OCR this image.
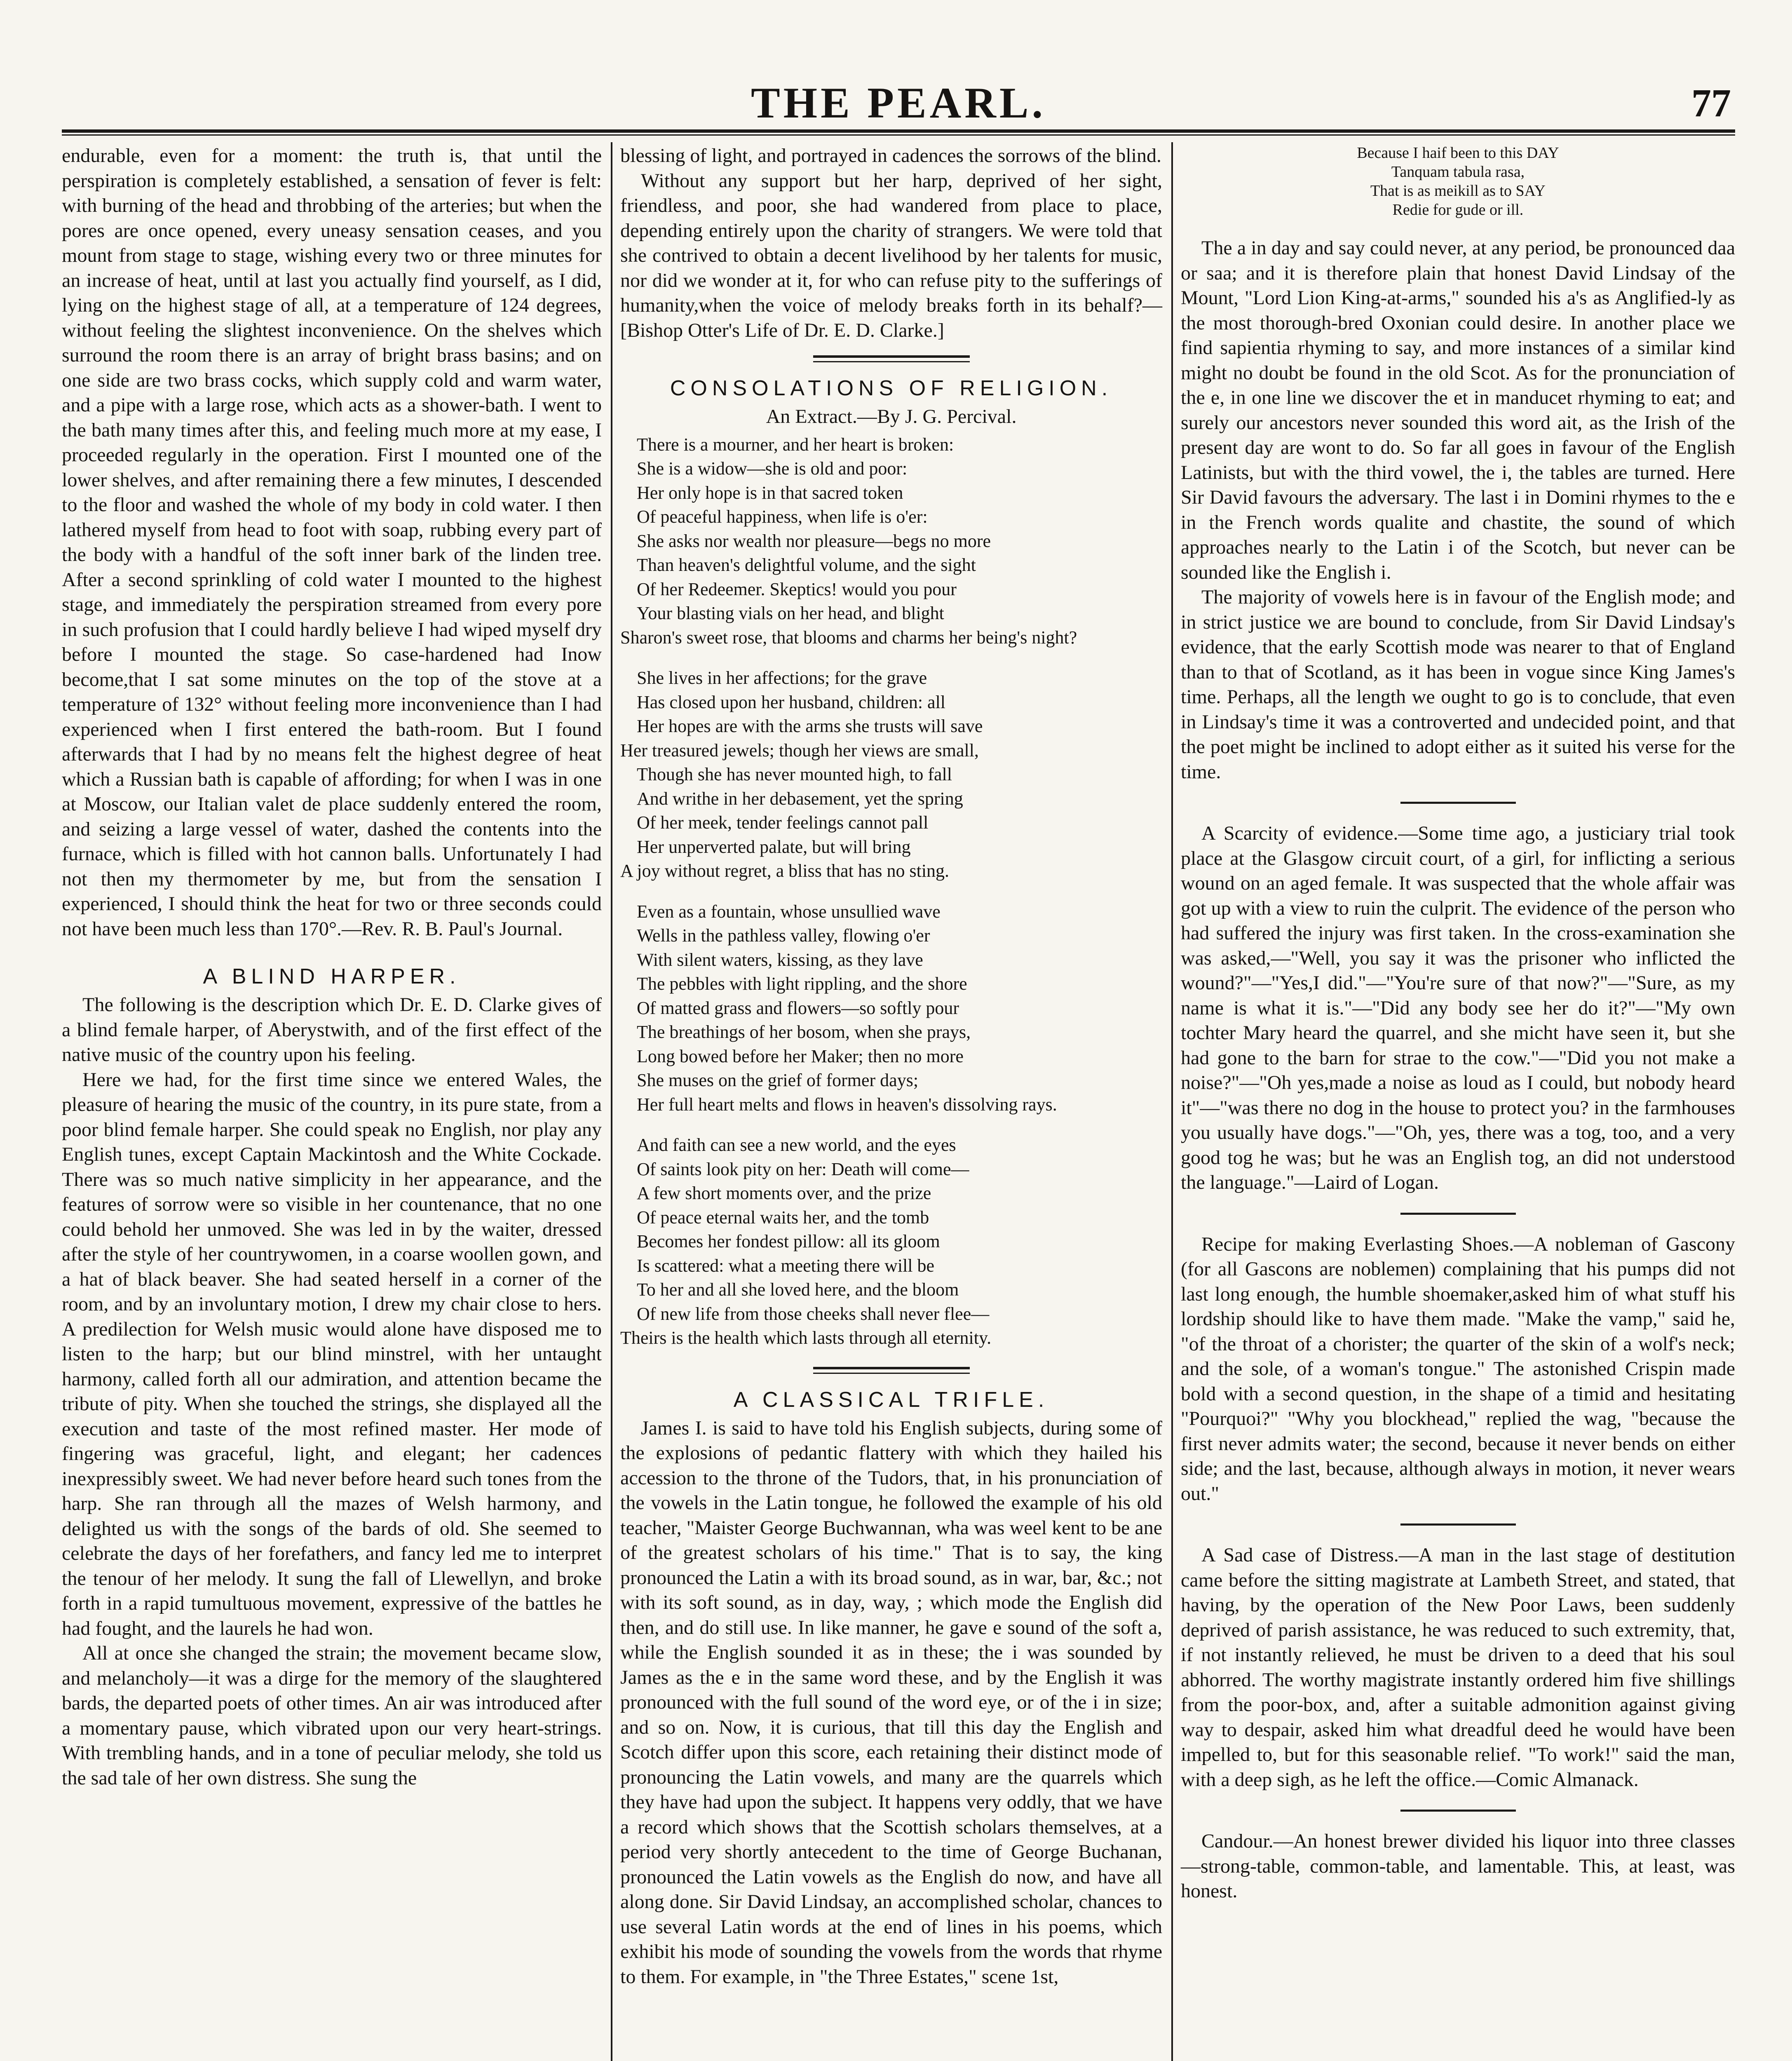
THE PEARL.	77

endurable, even for a moment: the truth is, that until the perspiration is completely established, a sensation of fever is felt: with burning of the head and throbbing of the arteries; but when the pores are once opened, every uneasy sensation ceases, and you mount from stage to stage, wishing every two or three minutes for an increase of heat, until at last you actually find yourself, as I did, lying on the highest stage of all, at a temperature of 124 degrees, without feeling the slightest inconvenience. On the shelves which surround the room there is an array of bright brass basins; and on one side are two brass cocks, which supply cold and warm water, and a pipe with a large rose, which acts as a shower-bath. I went to the bath many times after this, and feeling much more at my ease, I proceeded regularly in the operation. First I mounted one of the lower shelves, and after remaining there a few minutes, I descended to the floor and washed the whole of my body in cold water. I then lathered myself from head to foot with soap, rubbing every part of the body with a handful of the soft inner bark of the linden tree. After a second sprinkling of cold water I mounted to the highest stage, and immediately the perspiration streamed from every pore in such profusion that I could hardly believe I had wiped myself dry before I mounted the stage. So case-hardened had Inow become,that I sat some minutes on the top of the stove at a temperature of 132° without feeling more inconvenience than I had experienced when I first entered the bath-room. But I found afterwards that I had by no means felt the highest degree of heat which a Russian bath is capable of affording; for when I was in one at Moscow, our Italian valet de place suddenly entered the room, and seizing a large vessel of water, dashed the contents into the furnace, which is filled with hot cannon balls. Unfortunately I had not then my thermometer by me, but from the sensation I experienced, I should think the heat for two or three seconds could not have been much less than 170°.—Rev. R. B. Paul's Journal.

A BLIND HARPER.

The following is the description which Dr. E. D. Clarke gives of a blind female harper, of Aberystwith, and of the first effect of the native music of the country upon his feeling.

Here we had, for the first time since we entered Wales, the pleasure of hearing the music of the country, in its pure state, from a poor blind female harper. She could speak no English, nor play any English tunes, except Captain Mackintosh and the White Cockade. There was so much native simplicity in her appearance, and the features of sorrow were so visible in her countenance, that no one could behold her unmoved. She was led in by the waiter, dressed after the style of her countrywomen, in a coarse woollen gown, and a hat of black beaver. She had seated herself in a corner of the room, and by an involuntary motion, I drew my chair close to hers. A predilection for Welsh music would alone have disposed me to listen to the harp; but our blind minstrel, with her untaught harmony, called forth all our admiration, and attention became the tribute of pity. When she touched the strings, she displayed all the execution and taste of the most refined master. Her mode of fingering was graceful, light, and elegant; her cadences inexpressibly sweet. We had never before heard such tones from the harp. She ran through all the mazes of Welsh harmony, and delighted us with the songs of the bards of old. She seemed to celebrate the days of her forefathers, and fancy led me to interpret the tenour of her melody. It sung the fall of Llewellyn, and broke forth in a rapid tumultuous movement, expressive of the battles he had fought, and the laurels he had won.

All at once she changed the strain; the movement became slow, and melancholy—it was a dirge for the memory of the slaughtered bards, the departed poets of other times. An air was introduced after a momentary pause, which vibrated upon our very heart-strings. With trembling hands, and in a tone of peculiar melody, she told us the sad tale of her own distress. She sung the

blessing of light, and portrayed in cadences the sorrows of the blind.

Without any support but her harp, deprived of her sight, friendless, and poor, she had wandered from place to place, depending entirely upon the charity of strangers. We were told that she contrived to obtain a decent livelihood by her talents for music, nor did we wonder at it, for who can refuse pity to the sufferings of humanity,when the voice of melody breaks forth in its behalf?—[Bishop Otter's Life of Dr. E. D. Clarke.]

CONSOLATIONS OF RELIGION.
An Extract.—By J. G. Percival.
There is a mourner, and her heart is broken:
She is a widow—she is old and poor:
Her only hope is in that sacred token
Of peaceful happiness, when life is o'er:
She asks nor wealth nor pleasure—begs no more
Than heaven's delightful volume, and the sight
Of her Redeemer. Skeptics! would you pour
Your blasting vials on her head, and blight
Sharon's sweet rose, that blooms and charms her being's night?
She lives in her affections; for the grave
Has closed upon her husband, children: all
Her hopes are with the arms she trusts will save
Her treasured jewels; though her views are small,
Though she has never mounted high, to fall
And writhe in her debasement, yet the spring
Of her meek, tender feelings cannot pall
Her unperverted palate, but will bring
A joy without regret, a bliss that has no sting.
Even as a fountain, whose unsullied wave
Wells in the pathless valley, flowing o'er
With silent waters, kissing, as they lave
The pebbles with light rippling, and the shore
Of matted grass and flowers—so softly pour
The breathings of her bosom, when she prays,
Long bowed before her Maker; then no more
She muses on the grief of former days;
Her full heart melts and flows in heaven's dissolving rays.
And faith can see a new world, and the eyes
Of saints look pity on her: Death will come—
A few short moments over, and the prize
Of peace eternal waits her, and the tomb
Becomes her fondest pillow: all its gloom
Is scattered: what a meeting there will be
To her and all she loved here, and the bloom
Of new life from those cheeks shall never flee—
Theirs is the health which lasts through all eternity.
A CLASSICAL TRIFLE.

James I. is said to have told his English subjects, during some of the explosions of pedantic flattery with which they hailed his accession to the throne of the Tudors, that, in his pronunciation of the vowels in the Latin tongue, he followed the example of his old teacher, "Maister George Buchwannan, wha was weel kent to be ane of the greatest scholars of his time." That is to say, the king pronounced the Latin a with its broad sound, as in war, bar, &c.; not with its soft sound, as in day, way, ; which mode the English did then, and do still use. In like manner, he gave e sound of the soft a, while the English sounded it as in these; the i was sounded by James as the e in the same word these, and by the English it was pronounced with the full sound of the word eye, or of the i in size; and so on. Now, it is curious, that till this day the English and Scotch differ upon this score, each retaining their distinct mode of pronouncing the Latin vowels, and many are the quarrels which they have had upon the subject. It happens very oddly, that we have a record which shows that the Scottish scholars themselves, at a period very shortly antecedent to the time of George Buchanan, pronounced the Latin vowels as the English do now, and have all along done. Sir David Lindsay, an accomplished scholar, chances to use several Latin words at the end of lines in his poems, which exhibit his mode of sounding the vowels from the words that rhyme to them. For example, in "the Three Estates," scene 1st,

Because I haif been to this DAY
Tanquam tabula rasa,
That is as meikill as to SAY
Redie for gude or ill.

The a in day and say could never, at any period, be pronounced daa or saa; and it is therefore plain that honest David Lindsay of the Mount, "Lord Lion King-at-arms," sounded his a's as Anglified-ly as the most thorough-bred Oxonian could desire. In another place we find sapientia rhyming to say, and more instances of a similar kind might no doubt be found in the old Scot. As for the pronunciation of the e, in one line we discover the et in manducet rhyming to eat; and surely our ancestors never sounded this word ait, as the Irish of the present day are wont to do. So far all goes in favour of the English Latinists, but with the third vowel, the i, the tables are turned. Here Sir David favours the adversary. The last i in Domini rhymes to the e in the French words qualite and chastite, the sound of which approaches nearly to the Latin i of the Scotch, but never can be sounded like the English i.

The majority of vowels here is in favour of the English mode; and in strict justice we are bound to conclude, from Sir David Lindsay's evidence, that the early Scottish mode was nearer to that of England than to that of Scotland, as it has been in vogue since King James's time. Perhaps, all the length we ought to go is to conclude, that even in Lindsay's time it was a controverted and undecided point, and that the poet might be inclined to adopt either as it suited his verse for the time.

A Scarcity of evidence.—Some time ago, a justiciary trial took place at the Glasgow circuit court, of a girl, for inflicting a serious wound on an aged female. It was suspected that the whole affair was got up with a view to ruin the culprit. The evidence of the person who had suffered the injury was first taken. In the cross-examination she was asked,—"Well, you say it was the prisoner who inflicted the wound?"—"Yes,I did."—"You're sure of that now?"—"Sure, as my name is what it is."—"Did any body see her do it?"—"My own tochter Mary heard the quarrel, and she micht have seen it, but she had gone to the barn for strae to the cow."—"Did you not make a noise?"—"Oh yes,made a noise as loud as I could, but nobody heard it"—"was there no dog in the house to protect you? in the farmhouses you usually have dogs."—"Oh, yes, there was a tog, too, and a very good tog he was; but he was an English tog, an did not understood the language."—Laird of Logan.

Recipe for making Everlasting Shoes.—A nobleman of Gascony (for all Gascons are noblemen) complaining that his pumps did not last long enough, the humble shoemaker,asked him of what stuff his lordship should like to have them made. "Make the vamp," said he, "of the throat of a chorister; the quarter of the skin of a wolf's neck; and the sole, of a woman's tongue." The astonished Crispin made bold with a second question, in the shape of a timid and hesitating "Pourquoi?" "Why you blockhead," replied the wag, "because the first never admits water; the second, because it never bends on either side; and the last, because, although always in motion, it never wears out."

A Sad case of Distress.—A man in the last stage of destitution came before the sitting magistrate at Lambeth Street, and stated, that having, by the operation of the New Poor Laws, been suddenly deprived of parish assistance, he was reduced to such extremity, that, if not instantly relieved, he must be driven to a deed that his soul abhorred. The worthy magistrate instantly ordered him five shillings from the poor-box, and, after a suitable admonition against giving way to despair, asked him what dreadful deed he would have been impelled to, but for this seasonable relief. "To work!" said the man, with a deep sigh, as he left the office.—Comic Almanack.

Candour.—An honest brewer divided his liquor into three classes—strong-table, common-table, and lamentable. This, at least, was honest.
